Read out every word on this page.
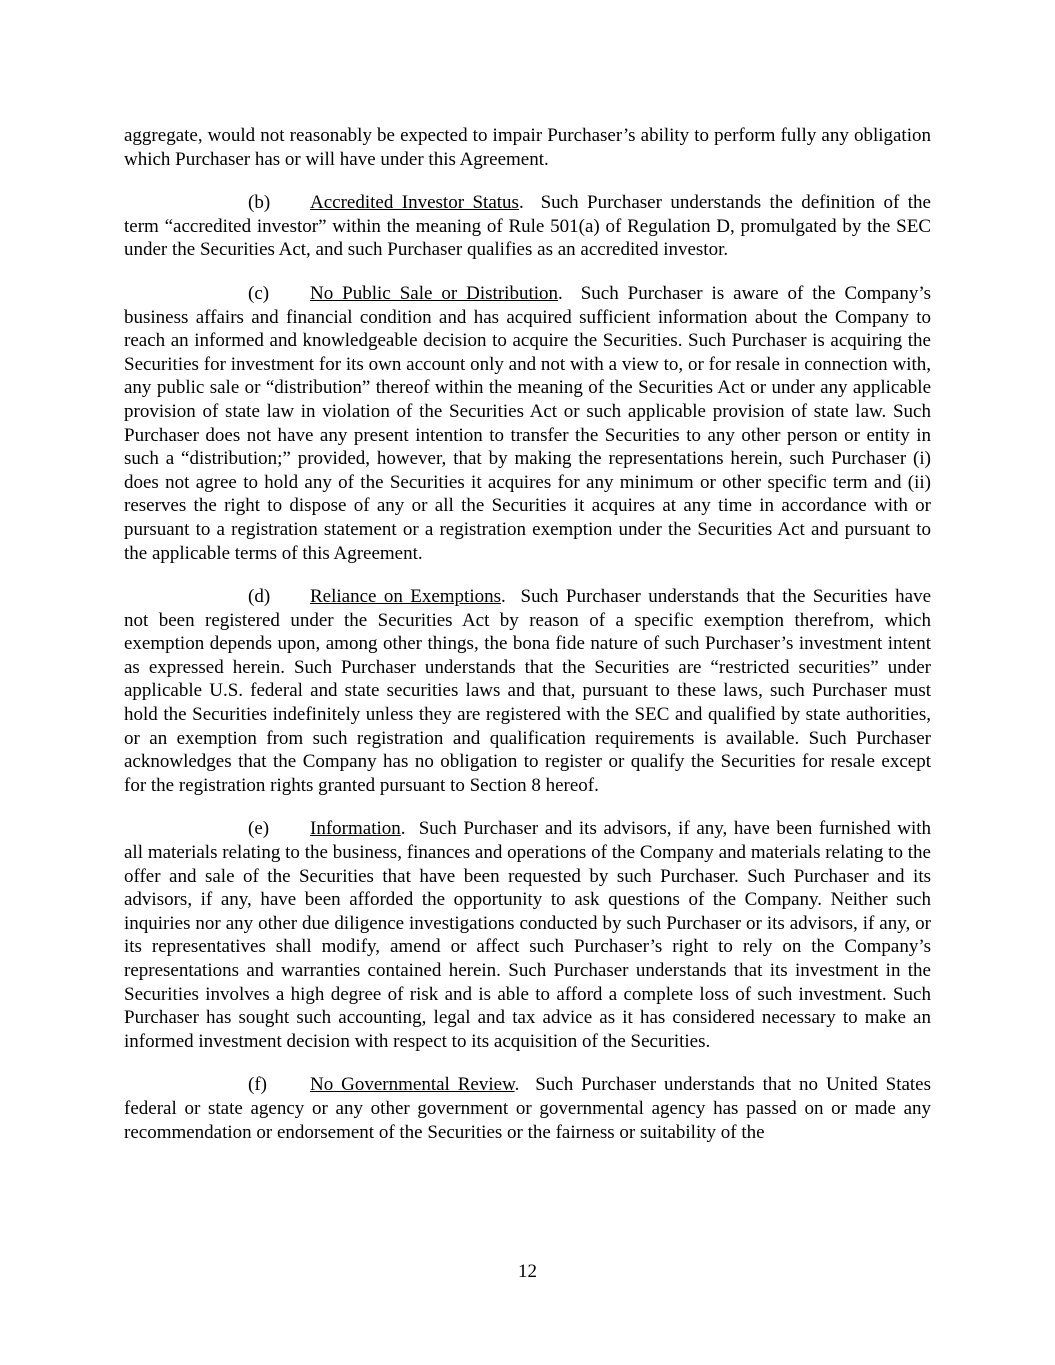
aggregate, would not reasonably be expected to impair Purchaser’s ability to perform fully any obligation which Purchaser has or will have under this Agreement.

(b) Accredited Investor Status.  Such Purchaser understands the definition of the term “accredited investor” within the meaning of Rule 501(a) of Regulation D, promulgated by the SEC under the Securities Act, and such Purchaser qualifies as an accredited investor.

(c) No Public Sale or Distribution.  Such Purchaser is aware of the Company’s business affairs and financial condition and has acquired sufficient information about the Company to reach an informed and knowledgeable decision to acquire the Securities. Such Purchaser is acquiring the Securities for investment for its own account only and not with a view to, or for resale in connection with, any public sale or “distribution” thereof within the meaning of the Securities Act or under any applicable provision of state law in violation of the Securities Act or such applicable provision of state law. Such Purchaser does not have any present intention to transfer the Securities to any other person or entity in such a “distribution;” provided, however, that by making the representations herein, such Purchaser (i) does not agree to hold any of the Securities it acquires for any minimum or other specific term and (ii) reserves the right to dispose of any or all the Securities it acquires at any time in accordance with or pursuant to a registration statement or a registration exemption under the Securities Act and pursuant to the applicable terms of this Agreement.

(d) Reliance on Exemptions.  Such Purchaser understands that the Securities have not been registered under the Securities Act by reason of a specific exemption therefrom, which exemption depends upon, among other things, the bona fide nature of such Purchaser’s investment intent as expressed herein. Such Purchaser understands that the Securities are “restricted securities” under applicable U.S. federal and state securities laws and that, pursuant to these laws, such Purchaser must hold the Securities indefinitely unless they are registered with the SEC and qualified by state authorities, or an exemption from such registration and qualification requirements is available. Such Purchaser acknowledges that the Company has no obligation to register or qualify the Securities for resale except for the registration rights granted pursuant to Section 8 hereof.

(e) Information.  Such Purchaser and its advisors, if any, have been furnished with all materials relating to the business, finances and operations of the Company and materials relating to the offer and sale of the Securities that have been requested by such Purchaser. Such Purchaser and its advisors, if any, have been afforded the opportunity to ask questions of the Company. Neither such inquiries nor any other due diligence investigations conducted by such Purchaser or its advisors, if any, or its representatives shall modify, amend or affect such Purchaser’s right to rely on the Company’s representations and warranties contained herein. Such Purchaser understands that its investment in the Securities involves a high degree of risk and is able to afford a complete loss of such investment. Such Purchaser has sought such accounting, legal and tax advice as it has considered necessary to make an informed investment decision with respect to its acquisition of the Securities.

(f) No Governmental Review.  Such Purchaser understands that no United States federal or state agency or any other government or governmental agency has passed on or made any recommendation or endorsement of the Securities or the fairness or suitability of the

12
